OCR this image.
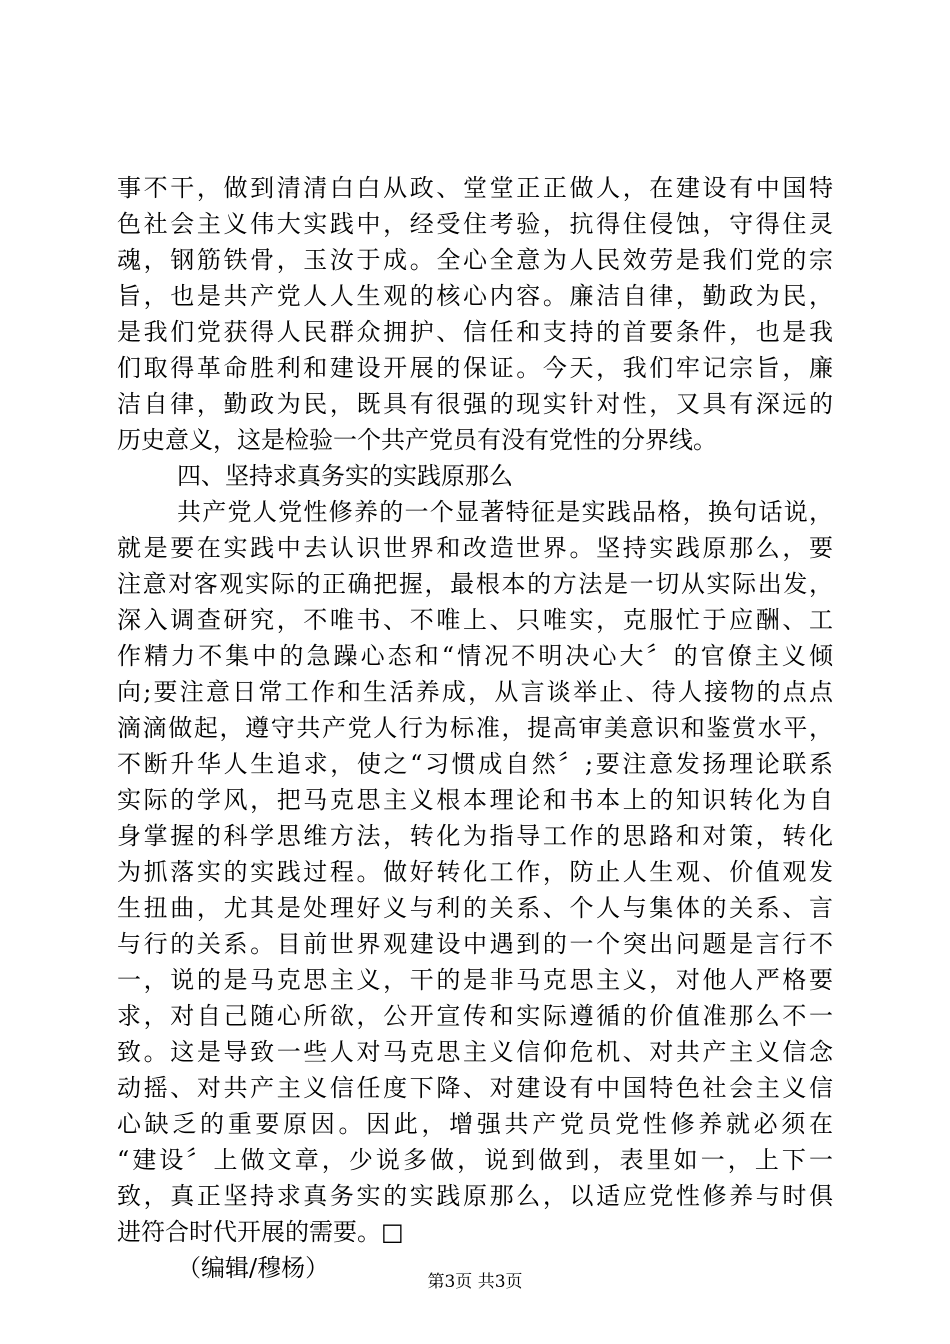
事不干，做到清清白白从政、堂堂正正做人，在建设有中国特
色社会主义伟大实践中，经受住考验，抗得住侵蚀，守得住灵
魂，钢筋铁骨，玉汝于成。全心全意为人民效劳是我们党的宗
旨，也是共产党人人生观的核心内容。廉洁自律，勤政为民，
是我们党获得人民群众拥护、信任和支持的首要条件，也是我
们取得革命胜利和建设开展的保证。今天，我们牢记宗旨，廉
洁自律，勤政为民，既具有很强的现实针对性，又具有深远的
历史意义，这是检验一个共产党员有没有党性的分界线。
四、坚持求真务实的实践原那么
共产党人党性修养的一个显著特征是实践品格，换句话说，
就是要在实践中去认识世界和改造世界。坚持实践原那么，要
注意对客观实际的正确把握，最根本的方法是一切从实际出发，
深入调查研究，不唯书、不唯上、只唯实，克服忙于应酬、工
作精力不集中的急躁心态和“情况不明决心大〞的官僚主义倾
向;要注意日常工作和生活养成，从言谈举止、待人接物的点点
滴滴做起，遵守共产党人行为标准，提高审美意识和鉴赏水平，
不断升华人生追求，使之“习惯成自然〞;要注意发扬理论联系
实际的学风，把马克思主义根本理论和书本上的知识转化为自
身掌握的科学思维方法，转化为指导工作的思路和对策，转化
为抓落实的实践过程。做好转化工作，防止人生观、价值观发
生扭曲，尤其是处理好义与利的关系、个人与集体的关系、言
与行的关系。目前世界观建设中遇到的一个突出问题是言行不
一，说的是马克思主义，干的是非马克思主义，对他人严格要
求，对自己随心所欲，公开宣传和实际遵循的价值准那么不一
致。这是导致一些人对马克思主义信仰危机、对共产主义信念
动摇、对共产主义信任度下降、对建设有中国特色社会主义信
心缺乏的重要原因。因此，增强共产党员党性修养就必须在
“建设〞上做文章，少说多做，说到做到，表里如一，上下一
致，真正坚持求真务实的实践原那么，以适应党性修养与时俱
进符合时代开展的需要。□
（编辑/穆杨）	第3页 共3页
